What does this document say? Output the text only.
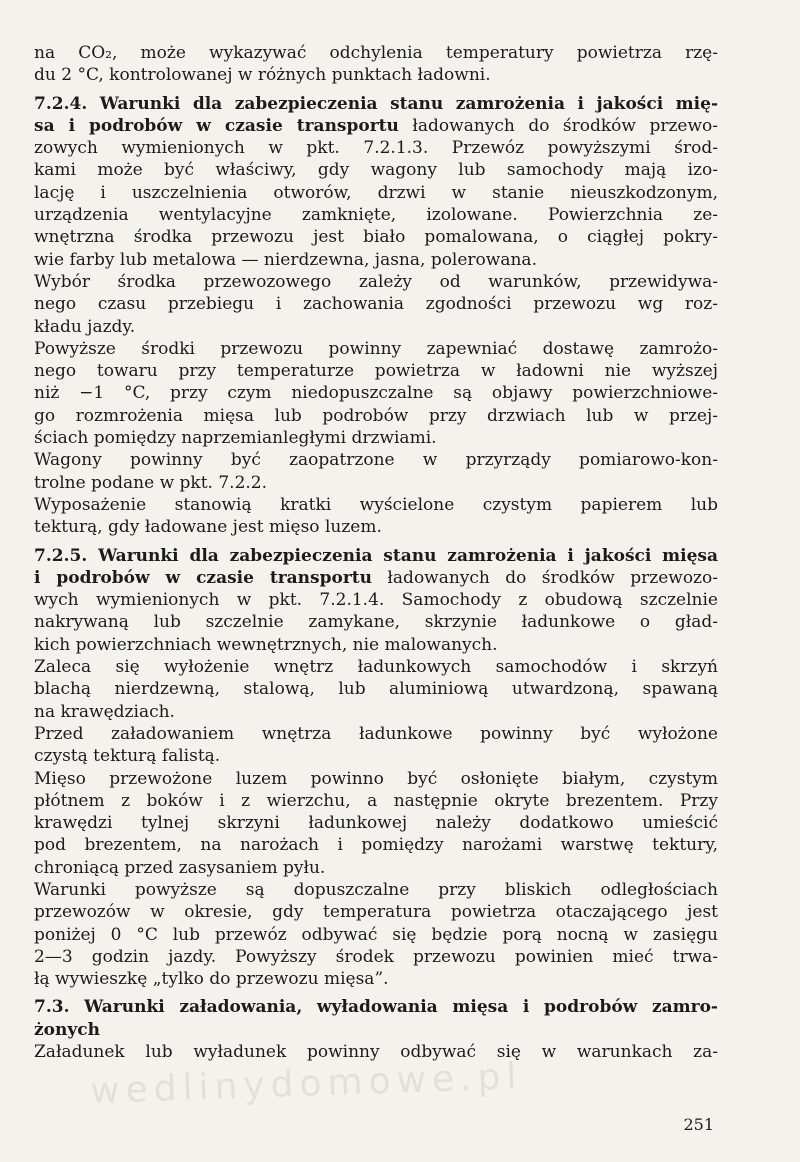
na CO₂, może wykazywać odchylenia temperatury powietrza rzę-
du 2 °C, kontrolowanej w różnych punktach ładowni.
7.2.4. Warunki dla zabezpieczenia stanu zamrożenia i jakości mię-
sa i podrobów w czasie transportu ładowanych do środków przewo-
zowych wymienionych w pkt. 7.2.1.3. Przewóz powyższymi środ-
kami może być właściwy, gdy wagony lub samochody mają izo-
lację i uszczelnienia otworów, drzwi w stanie nieuszkodzonym,
urządzenia wentylacyjne zamknięte, izolowane. Powierzchnia ze-
wnętrzna środka przewozu jest biało pomalowana, o ciągłej pokry-
wie farby lub metalowa — nierdzewna, jasna, polerowana.
Wybór środka przewozowego zależy od warunków, przewidywa-
nego czasu przebiegu i zachowania zgodności przewozu wg roz-
kładu jazdy.
Powyższe środki przewozu powinny zapewniać dostawę zamrożo-
nego towaru przy temperaturze powietrza w ładowni nie wyższej
niż −1 °C, przy czym niedopuszczalne są objawy powierzchniowe-
go rozmrożenia mięsa lub podrobów przy drzwiach lub w przej-
ściach pomiędzy naprzemianległymi drzwiami.
Wagony powinny być zaopatrzone w przyrządy pomiarowo-kon-
trolne podane w pkt. 7.2.2.
Wyposażenie stanowią kratki wyścielone czystym papierem lub
tekturą, gdy ładowane jest mięso luzem.
7.2.5. Warunki dla zabezpieczenia stanu zamrożenia i jakości mięsa
i podrobów w czasie transportu ładowanych do środków przewozo-
wych wymienionych w pkt. 7.2.1.4. Samochody z obudową szczelnie
nakrywaną lub szczelnie zamykane, skrzynie ładunkowe o gład-
kich powierzchniach wewnętrznych, nie malowanych.
Zaleca się wyłożenie wnętrz ładunkowych samochodów i skrzyń
blachą nierdzewną, stalową, lub aluminiową utwardzoną, spawaną
na krawędziach.
Przed załadowaniem wnętrza ładunkowe powinny być wyłożone
czystą tekturą falistą.
Mięso przewożone luzem powinno być osłonięte białym, czystym
płótnem z boków i z wierzchu, a następnie okryte brezentem. Przy
krawędzi tylnej skrzyni ładunkowej należy dodatkowo umieścić
pod brezentem, na narożach i pomiędzy narożami warstwę tektury,
chroniącą przed zasysaniem pyłu.
Warunki powyższe są dopuszczalne przy bliskich odległościach
przewozów w okresie, gdy temperatura powietrza otaczającego jest
poniżej 0 °C lub przewóz odbywać się będzie porą nocną w zasięgu
2—3 godzin jazdy. Powyższy środek przewozu powinien mieć trwa-
łą wywieszkę „tylko do przewozu mięsa”.
7.3. Warunki załadowania, wyładowania mięsa i podrobów zamro-
żonych
Załadunek lub wyładunek powinny odbywać się w warunkach za-
wedlinydomowe.pl
251
